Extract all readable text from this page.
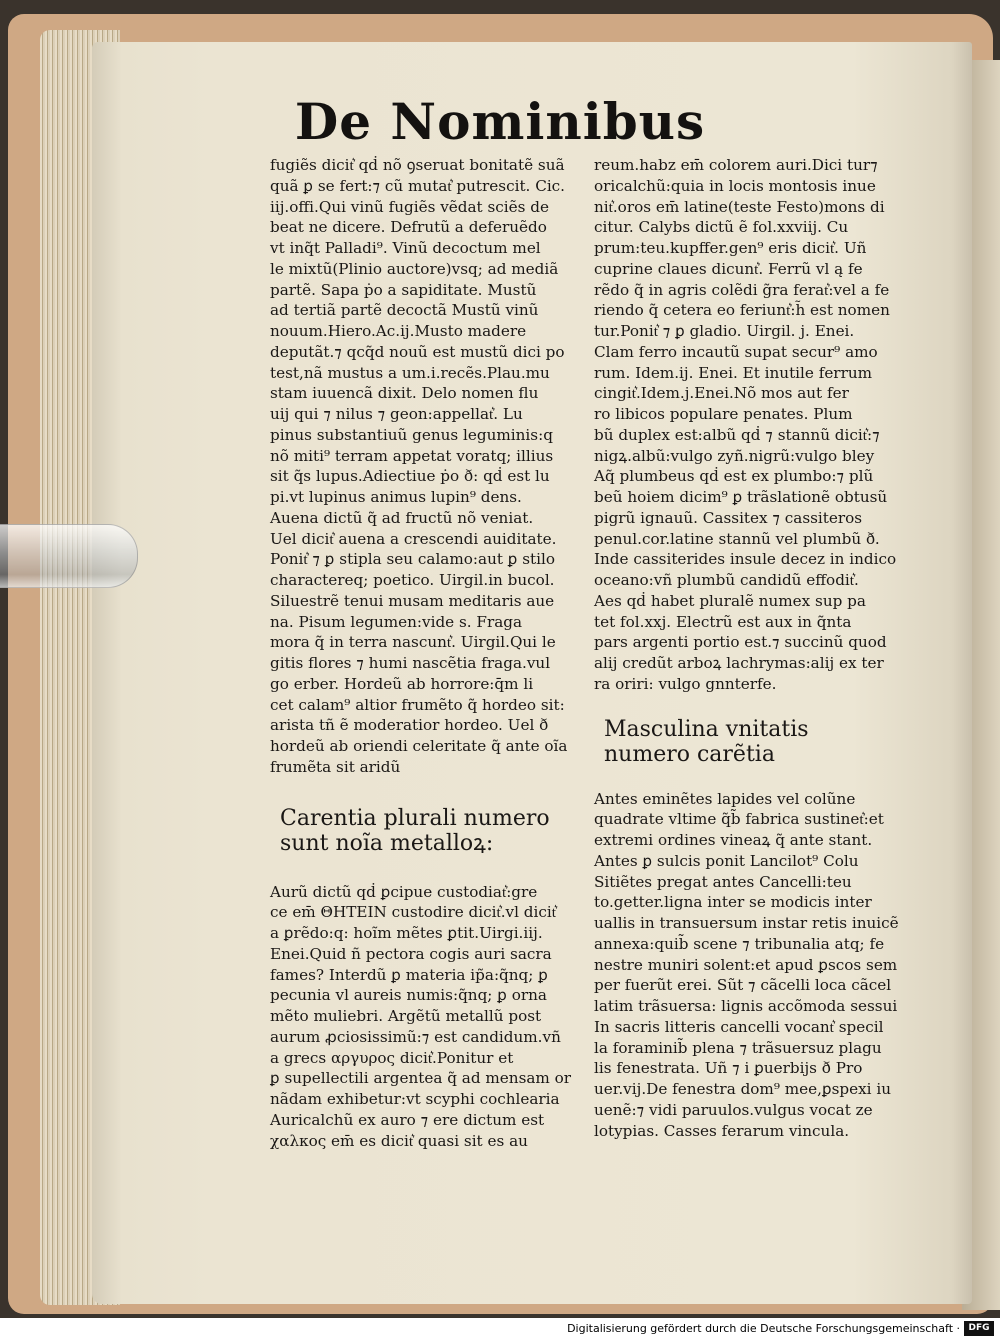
De Nominibus
fugiẽs dicit͛ qḋ nõ ꝯseruat bonitatẽ suã
quã ꝑ se fert:⁊ cũ mutat͛ putrescit. Cic.
iij.offi.Qui vinũ fugiẽs vẽdat sciẽs de
beat ne dicere. Defrutũ a deferuẽdo
vt inq̃t Palladi⁹. Vinũ decoctum mel
le mixtũ(Plinio auctore)vsq; ad mediã
partẽ. Sapa ṗo a sapiditate. Mustũ
ad tertiã partẽ decoctã Mustũ vinũ
nouum.Hiero.Ac.ij.Musto madere
deputãt.⁊ qcq̃d nouũ est mustũ dici po
test,nã mustus a um.i.recẽs.Plau.mu
stam iuuencã dixit. Delo nomen flu
uij qui ⁊ nilus ⁊ geon:appellat͛. Lu
pinus substantiuũ genus leguminis:q
nõ miti⁹ terram appetat voratq; illius
sit q̃s lupus.Adiectiue ṗo ð: qḋ est lu
pi.vt lupinus animus lupin⁹ dens.
Auena dictũ q̃ ad fructũ nõ veniat.
Uel dicit͛ auena a crescendi auiditate.
Ponit͛ ⁊ ꝑ stipla seu calamo:aut ꝑ stilo
charactereq; poetico. Uirgil.in bucol.
Siluestrẽ tenui musam meditaris aue
na. Pisum legumen:vide s. Fraga
mora q̃ in terra nascunt͛. Uirgil.Qui le
gitis flores ⁊ humi nascẽtia fraga.vul
go erber. Hordeũ ab horrore:q̄m li
cet calam⁹ altior frumẽto q̃ hordeo sit:
arista tñ ẽ moderatior hordeo. Uel ð
hordeũ ab oriendi celeritate q̃ ante oĩa
frumẽta sit aridũ
Carentia plurali numero
sunt noĩa metalloꝝ:
Aurũ dictũ qḋ ꝑcipue custodiat͛:gre
ce em̄ ΘΗΤΕΙΝ custodire dicit͛.vl dicit͛
a ꝑrẽdo:q: hoĩm mẽtes ꝑtit.Uirgi.iij.
Enei.Quid ñ pectora cogis auri sacra
fames? Interdũ ꝑ materia ip̃a:q̃nq; ꝑ
pecunia vl aureis numis:q̃nq; ꝑ orna
mẽto muliebri. Argẽtũ metallũ post
aurum ꝓciosissimũ:⁊ est candidum.vñ
a grecs αργυρος dicit͛.Ponitur et
ꝑ supellectili argentea q̃ ad mensam or
nãdam exhibetur:vt scyphi cochlearia
Auricalchũ ex auro ⁊ ere dictum est
χαλκος em̄ es dicit͛ quasi sit es au
reum.habz em̄ colorem auri.Dici tur⁊
oricalchũ:quia in locis montosis inue
nit͛.oros em̄ latine(teste Festo)mons di
citur. Calybs dictũ ẽ fol.xxviij. Cu
prum:teu.kupffer.gen⁹ eris dicit͛. Uñ
cuprine claues dicunt͛. Ferrũ vl ą fe
rẽdo q̃ in agris colẽdi g̃ra ferat͛:vel a fe
riendo q̃ cetera eo feriunt͛:h̃ est nomen
tur.Ponit͛ ⁊ ꝑ gladio. Uirgil. j. Enei.
Clam ferro incautũ supat secur⁹ amo
rum. Idem.ij. Enei. Et inutile ferrum
cingit͛.Idem.j.Enei.Nõ mos aut fer
ro libicos populare penates. Plum
bũ duplex est:albũ qḋ ⁊ stannũ dicit͛:⁊
nigꝝ.albũ:vulgo zyñ.nigrũ:vulgo bley
Aq̃ plumbeus qḋ est ex plumbo:⁊ plũ
beũ hoiem dicim⁹ ꝑ trãslationẽ obtusũ
pigrũ ignauũ. Cassitex ⁊ cassiteros
penul.cor.latine stannũ vel plumbũ ð.
Inde cassiterides insule decez in indico
oceano:vñ plumbũ candidũ effodit͛.
Aes qḋ habet pluralẽ numex sup pa
tet fol.xxj. Electrũ est aux in q̃nta
pars argenti portio est.⁊ succinũ quod
alij credũt arboꝝ lachrymas:alij ex ter
ra oriri: vulgo gnnterfe.
Masculina vnitatis
numero carẽtia
Antes eminẽtes lapides vel colũne
quadrate vltime q̃b̃ fabrica sustinet͛:et
extremi ordines vineaꝝ q̃ ante stant.
Antes ꝑ sulcis ponit Lancilot⁹ Colu
Sitiẽtes pregat antes Cancelli:teu
to.getter.ligna inter se modicis inter
uallis in transuersum instar retis inuicẽ
annexa:quib̃ scene ⁊ tribunalia atq; fe
nestre muniri solent:et apud ꝑscos sem
per fuerũt erei. Sũt ⁊ cãcelli loca cãcel
latim trãsuersa: lignis accõmoda sessui
In sacris litteris cancelli vocant͛ specil
la foraminib̃ plena ⁊ trãsuersuz plagu
lis fenestrata. Uñ ⁊ i ꝑuerbijs ð Pro
uer.vij.De fenestra dom⁹ mee,ꝑspexi iu
uenẽ:⁊ vidi paruulos.vulgus vocat ze
lotypias. Casses ferarum vincula.
Digitalisierung gefördert durch die Deutsche Forschungsgemeinschaft · DFG
